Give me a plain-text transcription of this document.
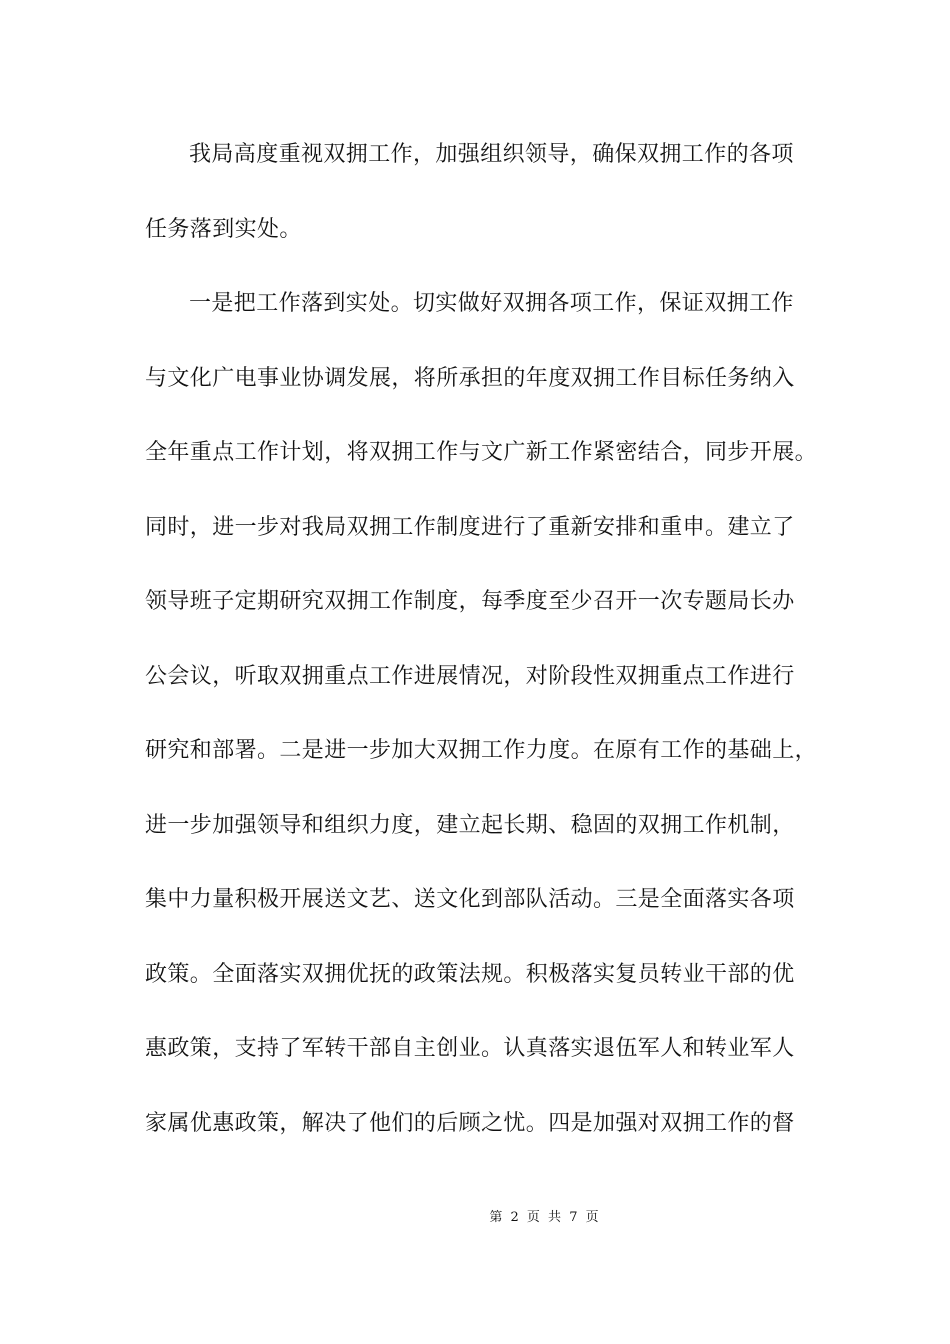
我局高度重视双拥工作，加强组织领导，确保双拥工作的各项
任务落到实处。
一是把工作落到实处。切实做好双拥各项工作，保证双拥工作
与文化广电事业协调发展，将所承担的年度双拥工作目标任务纳入
全年重点工作计划，将双拥工作与文广新工作紧密结合，同步开展。
同时，进一步对我局双拥工作制度进行了重新安排和重申。建立了
领导班子定期研究双拥工作制度，每季度至少召开一次专题局长办
公会议，听取双拥重点工作进展情况，对阶段性双拥重点工作进行
研究和部署。二是进一步加大双拥工作力度。在原有工作的基础上，
进一步加强领导和组织力度，建立起长期、稳固的双拥工作机制，
集中力量积极开展送文艺、送文化到部队活动。三是全面落实各项
政策。全面落实双拥优抚的政策法规。积极落实复员转业干部的优
惠政策，支持了军转干部自主创业。认真落实退伍军人和转业军人
家属优惠政策，解决了他们的后顾之忧。四是加强对双拥工作的督
第 2 页 共 7 页
